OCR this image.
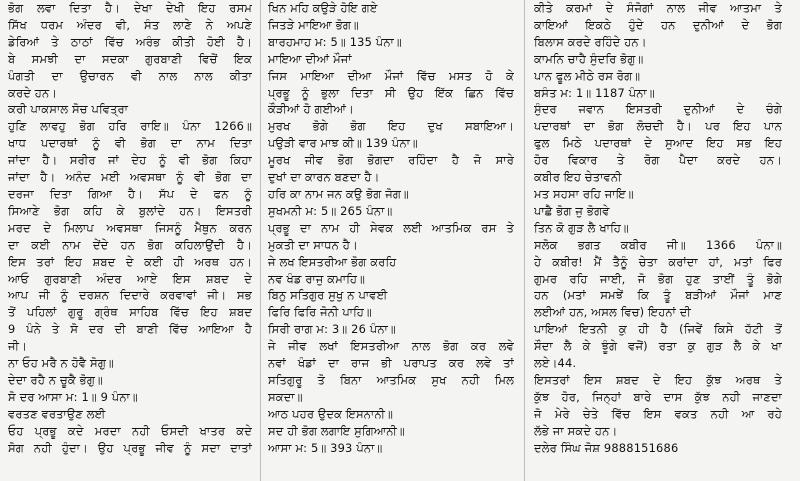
ਭੋਗ ਲਵਾ ਦਿਤਾ ਹੈ। ਦੇਖਾ ਦੇਖੀ ਇਹ ਰਸਮ
ਸਿੱਖ ਧਰਮ ਅੰਦਰ ਵੀ, ਸੰਤ ਲਾਣੇ ਨੇ ਅਪਣੇ
ਡੇਰਿਆਂ ਤੇ ਠਾਠਾਂ ਵਿੱਚ ਅਰੰਭ ਕੀਤੀ ਹੋਈ ਹੈ।
ਬੇ ਸਮਝੀ ਦਾ ਸਦਕਾ ਗੁਰਬਾਣੀ ਵਿਚੋਂ ਇਕ
ਪੰਗਤੀ ਦਾ ਉਚਾਰਨ ਵੀ ਨਾਲ ਨਾਲ ਕੀਤਾ
ਕਰਦੇ ਹਨ।
ਕਰੀ ਪਾਕਸਾਲ ਸੋਚ ਪਵਿਤ੍ਰਾ
ਹੁਣਿ ਲਾਵਹੁ ਭੋਗ ਹਰਿ ਰਾਇ॥ ਪੰਨਾ 1266॥
ਖਾਧ ਪਦਾਰਥਾਂ ਨੂੰ ਵੀ ਭੋਗ ਦਾ ਨਾਮ ਦਿਤਾ
ਜਾਂਦਾ ਹੈ। ਸਰੀਰ ਜਾਂ ਦੇਹ ਨੂੰ ਵੀ ਭੋਗ ਕਿਹਾ
ਜਾਂਦਾ ਹੈ। ਅਨੰਦ ਮਈ ਅਵਸਥਾ ਨੂੰ ਵੀ ਭੋਗ ਦਾ
ਦਰਜਾ ਦਿਤਾ ਗਿਆ ਹੈ। ਸੱਪ ਦੇ ਫਨ ਨੂੰ
ਸਿਆਣੇ ਭੋਗ ਕਹਿ ਕੇ ਬੁਲਾਂਦੇ ਹਨ। ਇਸਤਰੀ
ਮਰਦ ਦੇ ਮਿਲਾਪ ਅਵਸਥਾ ਜਿਸਨੂੰ ਮੈਥੁਨ ਕਰਨ
ਦਾ ਕਈ ਨਾਮ ਦੇਂਦੇ ਹਨ ਭੋਗ ਕਹਿਲਾਉਂਦੀ ਹੈ।
ਇਸ ਤਰਾਂ ਇਹ ਸ਼ਬਦ ਦੇ ਕਈ ਹੀ ਅਰਥ ਹਨ।
ਆਓ ਗੁਰਬਾਣੀ ਅੰਦਰ ਆਏ ਇਸ ਸ਼ਬਦ ਦੇ
ਆਪ ਜੀ ਨੂੰ ਦਰਸ਼ਨ ਦਿਦਾਰੇ ਕਰਵਾਵਾਂ ਜੀ। ਸਭ
ਤੋਂ ਪਹਿਲਾਂ ਗੁਰੂ ਗ੍ਰੰਥ ਸਾਹਿਬ ਵਿੱਚ ਇਹ ਸ਼ਬਦ
9 ਪੰਨੇ ਤੇ ਸੋ ਦਰ ਦੀ ਬਾਣੀ ਵਿੱਚ ਆਇਆ ਹੈ
ਜੀ।
ਨਾ ਓਹ ਮਰੈ ਨ ਹੋਵੈ ਸੋਗੁ॥
ਦੇਦਾ ਰਹੈ ਨ ਚੂਕੈ ਭੋਗੁ॥
ਸੋ ਦਰ ਆਸਾ ਮ: 1॥ 9 ਪੰਨਾ॥
ਵਰਤਣ ਵਰਤਾਉਣ ਲਈ
ਓਹ ਪ੍ਰਭੂ ਕਦੇ ਮਰਦਾ ਨਹੀ ਓਸਦੀ ਖਾਤਰ ਕਦੇ
ਸੋਗ ਨਹੀ ਹੁੰਦਾ। ਉਹ ਪ੍ਰਭੂ ਜੀਵ ਨੂੰ ਸਦਾ ਦਾਤਾਂ
ਖਿਨ ਮਹਿ ਕਉੜੇ ਹੋਇ ਗਏ
ਜਿਤੜੇ ਮਾਇਆ ਭੋਗ॥
ਬਾਰਹਮਾਹ ਮ: 5॥ 135 ਪੰਨਾ॥
ਮਾਇਆ ਦੀਆਂ ਮੌਜਾਂ
ਜਿਸ ਮਾਇਆ ਦੀਆ ਮੌਜਾਂ ਵਿੱਚ ਮਸਤ ਹੋ ਕੇ
ਪ੍ਰਭੂ ਨੂੰ ਭੁਲਾ ਦਿਤਾ ਸੀ ਉਹ ਇੱਕ ਛਿਨ ਵਿੱਚ
ਕੌੜੀਆਂ ਹੋ ਗਈਆਂ।
ਮੁਰਖ ਭੋਗੇ ਭੋਗ ਇਹ ਦੁਖ ਸਬਾਇਆ।
ਪਉੜੀ ਵਾਰ ਮਾਝ ਕੀ॥ 139 ਪੰਨਾ॥
ਮੂਰਖ ਜੀਵ ਭੋਗ ਭੋਗਦਾ ਰਹਿੰਦਾ ਹੈ ਜੋ ਸਾਰੇ
ਦੁਖਾਂ ਦਾ ਕਾਰਨ ਬਣਦਾ ਹੈ।
ਹਰਿ ਕਾ ਨਾਮ ਜਨ ਕਉ ਭੋਗ ਜੋਗ॥
ਸੁਖਮਨੀ ਮ: 5॥ 265 ਪੰਨਾ॥
ਪ੍ਰਭੂ ਦਾ ਨਾਮ ਹੀ ਸੇਵਕ ਲਈ ਆਤਮਿਕ ਰਸ ਤੇ
ਮੁਕਤੀ ਦਾ ਸਾਧਨ ਹੈ।
ਜੇ ਲਖ ਇਸਤਰੀਆ ਭੋਗ ਕਰਹਿ
ਨਵ ਖੰਡ ਰਾਜੁ ਕਮਾਹਿ॥
ਬਿਨੁ ਸਤਿਗੁਰ ਸੁਖੁ ਨ ਪਾਵਈ
ਫਿਰਿ ਫਿਰਿ ਜੋਨੀ ਪਾਹਿ॥
ਸਿਰੀ ਰਾਗ ਮ: 3॥ 26 ਪੰਨਾ॥
ਜੇ ਜੀਵ ਲਖਾਂ ਇਸਤਰੀਆ ਨਾਲ ਭੋਗ ਕਰ ਲਵੇ
ਨਵਾਂ ਖੰਡਾਂ ਦਾ ਰਾਜ ਭੀ ਪਰਾਪਤ ਕਰ ਲਵੇ ਤਾਂ
ਸਤਿਗੁਰੂ ਤੋ ਬਿਨਾ ਆਤਮਿਕ ਸੁਖ ਨਹੀ ਮਿਲ
ਸਕਦਾ॥
ਆਠ ਪਹਰ ਉਦਕ ਇਸਨਾਨੀ॥
ਸਦ ਹੀ ਭੋਗ ਲਗਾਇ ਸੁਗਿਆਨੀ॥
ਆਸਾ ਮ: 5॥ 393 ਪੰਨਾ॥
ਕੀਤੇ ਕਰਮਾਂ ਦੇ ਸੰਜੋਗਾਂ ਨਾਲ ਜੀਵ ਆਤਮਾ ਤੇ
ਕਾਇਆਂ ਇਕਠੇ ਹੁੰਦੇ ਹਨ ਦੁਨੀਆਂ ਦੇ ਭੋਗ
ਬਿਲਾਸ ਕਰਦੇ ਰਹਿੰਦੇ ਹਨ।
ਕਾਮਨਿ ਚਾਹੈ ਸੁੰਦਰਿ ਭੋਗੁ॥
ਪਾਨ ਫੂਲ ਮੀਠੇ ਰਸ ਰੋਗ॥
ਬਸੰਤ ਮ: 1॥ 1187 ਪੰਨਾ॥
ਸੁੰਦਰ ਜਵਾਨ ਇਸਤਰੀ ਦੁਨੀਆਂ ਦੇ ਚੰਗੇ
ਪਦਾਰਥਾਂ ਦਾ ਭੋਗ ਲੋਚਦੀ ਹੈ। ਪਰ ਇਹ ਪਾਨ
ਫੁਲ ਮਿਠੇ ਪਦਾਰਥਾਂ ਦੇ ਸੁਆਦ ਇਹ ਸਭ ਇਹ
ਹੋਰ ਵਿਕਾਰ ਤੇ ਰੋਗ ਪੈਦਾ ਕਰਦੇ ਹਨ।
ਕਬੀਰ ਇਹ ਚੇਤਾਵਨੀ
ਮਤ ਸਹਸਾ ਰਹਿ ਜਾਇ॥
ਪਾਛੈ ਭੋਗ ਜੁ ਭੋਗਵੇ
ਤਿਨ ਕੋ ਗੁੜ ਲੈ ਖਾਹਿ॥
ਸਲੋਕ ਭਗਤ ਕਬੀਰ ਜੀ॥ 1366 ਪੰਨਾ॥
ਹੇ ਕਬੀਰ! ਮੈਂ ਤੈਨੂੰ ਚੇਤਾ ਕਰਾਂਦਾ ਹਾਂ, ਮਤਾਂ ਫਿਰ
ਗੁਮਰ ਰਹਿ ਜਾਈ, ਜੋ ਭੋਗ ਹੁਣ ਤਾਈਂ ਤੂੰ ਭੋਗੇ
ਹਨ (ਮਤਾਂ ਸਮਝੇਂ ਕਿ ਤੂੰ ਬੜੀਆਂ ਮੌਜਾਂ ਮਾਣ
ਲਈਆਂ ਹਨ, ਅਸਲ ਵਿਚ) ਇਹਨਾਂ ਦੀ
ਪਾਇਆਂ ਇਤਨੀ ਕੁ ਹੀ ਹੈ (ਜਿਵੇਂ ਕਿਸੇ ਹੱਟੀ ਤੋਂ
ਸੌਦਾ ਲੈ ਕੇ ਝੂੰਗੇ ਵਜੋਂ) ਰਤਾ ਕੁ ਗੁੜ ਲੈ ਕੇ ਖਾ
ਲਏ।44.
ਇਸਤਰਾਂ ਇਸ ਸ਼ਬਦ ਦੇ ਇਹ ਕੁੱਝ ਅਰਥ ਤੇ
ਕੁੱਝ ਹੋਰ, ਜਿਨ੍ਹਾਂ ਬਾਰੇ ਦਾਸ ਕੁੱਝ ਨਹੀ ਜਾਣਦਾ
ਜੋ ਮੇਰੇ ਚੇਤੇ ਵਿੱਚ ਇਸ ਵਕਤ ਨਹੀ ਆ ਰਹੇ
ਲੱਭੇ ਜਾ ਸਕਦੇ ਹਨ।
ਦਲੇਰ ਸਿੰਘ ਜੋਸ਼ 9888151686
